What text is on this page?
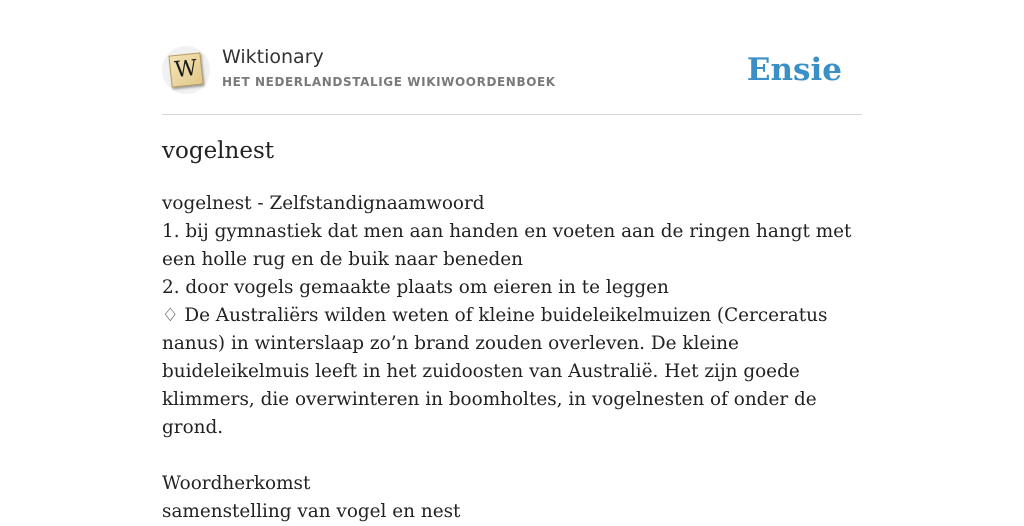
W Wiktionary
HET NEDERLANDSTALIGE WIKIWOORDENBOEK	Ensie
vogelnest

vogelnest - Zelfstandignaamwoord

1. bij gymnastiek dat men aan handen en voeten aan de ringen hangt met een holle rug en de buik naar beneden

2. door vogels gemaakte plaats om eieren in te leggen

♢ De Australiërs wilden weten of kleine buideleikelmuizen (Cerceratus nanus) in winterslaap zo’n brand zouden overleven. De kleine buideleikelmuis leeft in het zuidoosten van Australië. Het zijn goede klimmers, die overwinteren in boomholtes, in vogelnesten of onder de grond.

Woordherkomst

samenstelling van vogel en nest
